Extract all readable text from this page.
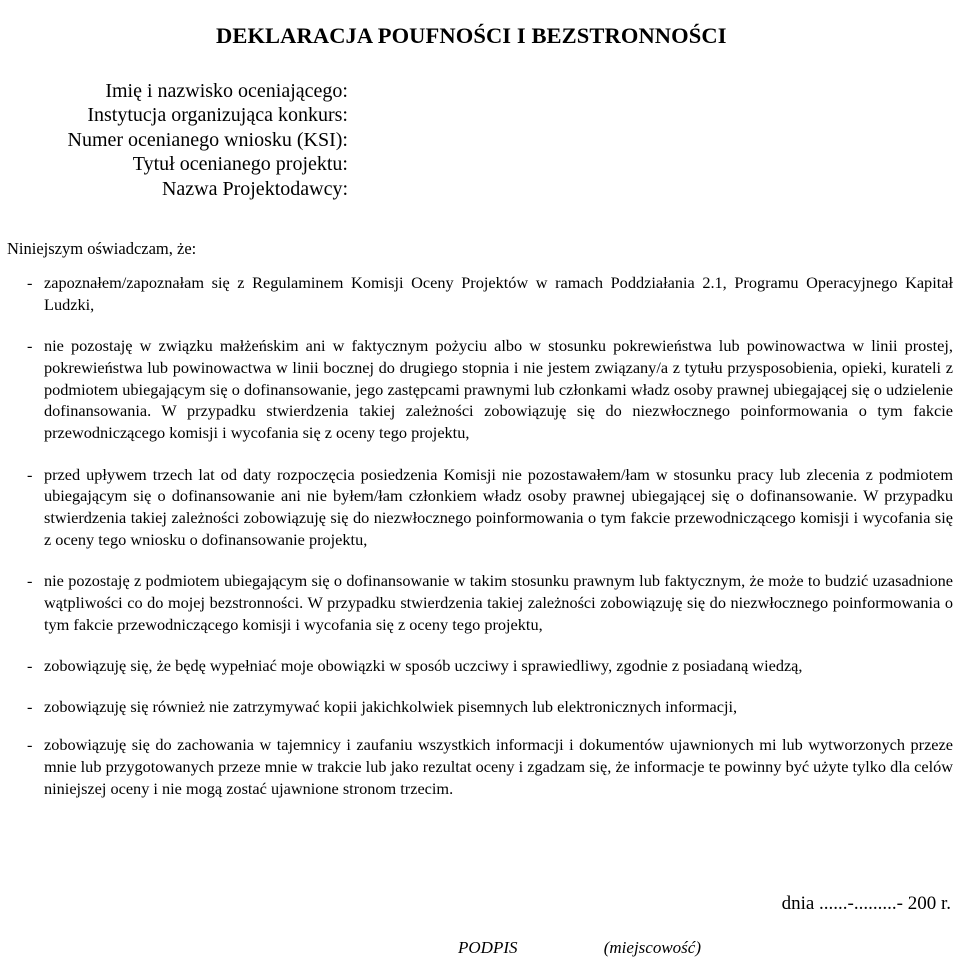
DEKLARACJA POUFNOŚCI I BEZSTRONNOŚCI
Imię i nazwisko oceniającego:
Instytucja organizująca konkurs:
Numer ocenianego wniosku (KSI):
Tytuł ocenianego projektu:
Nazwa Projektodawcy:
Niniejszym oświadczam, że:
- zapoznałem/zapoznałam się z Regulaminem Komisji Oceny Projektów w ramach Poddziałania 2.1, Programu Operacyjnego Kapitał Ludzki,
- nie pozostaję w związku małżeńskim ani w faktycznym pożyciu albo w stosunku pokrewieństwa lub powinowactwa w linii prostej, pokrewieństwa lub powinowactwa w linii bocznej do drugiego stopnia i nie jestem związany/a z tytułu przysposobienia, opieki, kurateli z podmiotem ubiegającym się o dofinansowanie, jego zastępcami prawnymi lub członkami władz osoby prawnej ubiegającej się o udzielenie dofinansowania. W przypadku stwierdzenia takiej zależności zobowiązuję się do niezwłocznego poinformowania o tym fakcie przewodniczącego komisji i wycofania się z oceny tego projektu,
- przed upływem trzech lat od daty rozpoczęcia posiedzenia Komisji nie pozostawałem/łam w stosunku pracy lub zlecenia z podmiotem ubiegającym się o dofinansowanie ani nie byłem/łam członkiem władz osoby prawnej ubiegającej się o dofinansowanie. W przypadku stwierdzenia takiej zależności zobowiązuję się do niezwłocznego poinformowania o tym fakcie przewodniczącego komisji i wycofania się z oceny tego wniosku o dofinansowanie projektu,
- nie pozostaję z podmiotem ubiegającym się o dofinansowanie w takim stosunku prawnym lub faktycznym, że może to budzić uzasadnione wątpliwości co do mojej bezstronności. W przypadku stwierdzenia takiej zależności zobowiązuję się do niezwłocznego poinformowania o tym fakcie przewodniczącego komisji i wycofania się z oceny tego projektu,
- zobowiązuję się, że będę wypełniać moje obowiązki w sposób uczciwy i sprawiedliwy, zgodnie z posiadaną wiedzą,
- zobowiązuję się również nie zatrzymywać kopii jakichkolwiek pisemnych lub elektronicznych informacji,
- zobowiązuję się do zachowania w tajemnicy i zaufaniu wszystkich informacji i dokumentów ujawnionych mi lub wytworzonych przeze mnie lub przygotowanych przeze mnie w trakcie lub jako rezultat oceny i zgadzam się, że informacje te powinny być użyte tylko dla celów niniejszej oceny i nie mogą zostać ujawnione stronom trzecim.
dnia ......-.........- 200 r.
PODPIS	(miejscowość)
